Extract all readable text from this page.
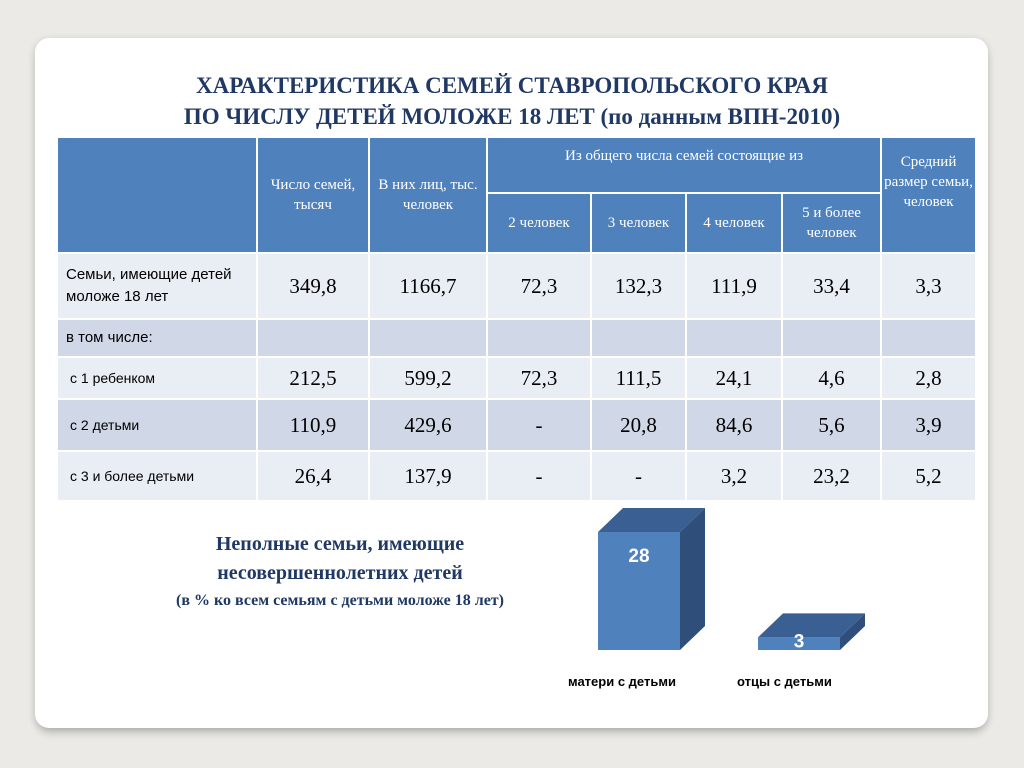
ХАРАКТЕРИСТИКА СЕМЕЙ СТАВРОПОЛЬСКОГО КРАЯ
ПО ЧИСЛУ ДЕТЕЙ МОЛОЖЕ 18 ЛЕТ (по данным ВПН-2010)
	Число семей, тысяч	В них лиц, тыс. человек	Из общего числа семей состоящие из				Средний размер семьи, человек
			2 человек	3 человек	4 человек	5 и более человек	
Семьи, имеющие детей моложе 18 лет	349,8	1166,7	72,3	132,3	111,9	33,4	3,3
в том числе:							
с 1 ребенком	212,5	599,2	72,3	111,5	24,1	4,6	2,8
с 2 детьми	110,9	429,6	-	20,8	84,6	5,6	3,9
с 3 и более детьми	26,4	137,9	-	-	3,2	23,2	5,2
Неполные семьи, имеющие
несовершеннолетних детей
(в % ко всем семьям с детьми моложе 18 лет)
28
3
матери с детьми	отцы с детьми
